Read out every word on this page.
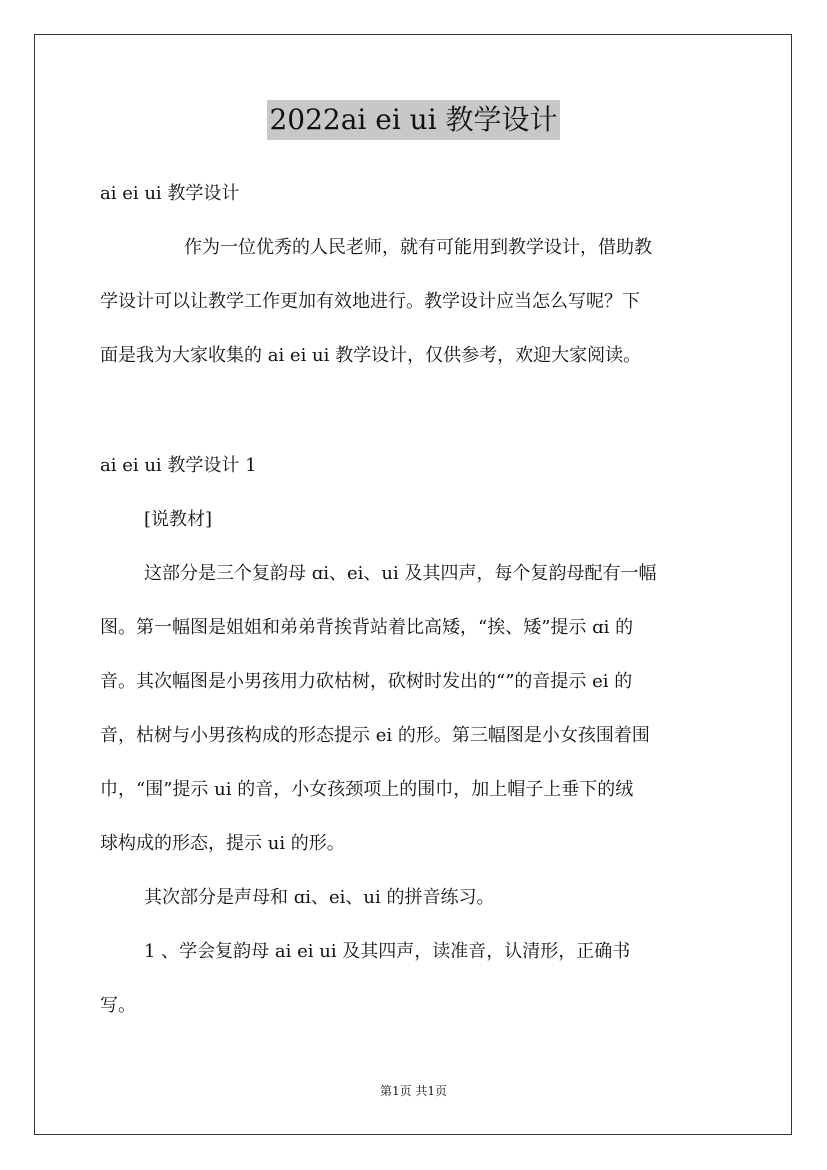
2022ai ei ui 教学设计
ai ei ui 教学设计
作为一位优秀的人民老师，就有可能用到教学设计，借助教
学设计可以让教学工作更加有效地进行。教学设计应当怎么写呢？下
面是我为大家收集的 ai ei ui 教学设计，仅供参考，欢迎大家阅读。
ai ei ui 教学设计 1
[说教材]
这部分是三个复韵母 ɑi、ei、ui 及其四声，每个复韵母配有一幅
图。第一幅图是姐姐和弟弟背挨背站着比高矮，“挨、矮”提示 ɑi 的
音。其次幅图是小男孩用力砍枯树，砍树时发出的“”的音提示 ei 的
音，枯树与小男孩构成的形态提示 ei 的形。第三幅图是小女孩围着围
巾，“围”提示 ui 的音，小女孩颈项上的围巾，加上帽子上垂下的绒
球构成的形态，提示 ui 的形。
其次部分是声母和 ɑi、ei、ui 的拼音练习。
1 、学会复韵母 ai ei ui 及其四声，读准音，认清形，正确书
写。
第1页 共1页
